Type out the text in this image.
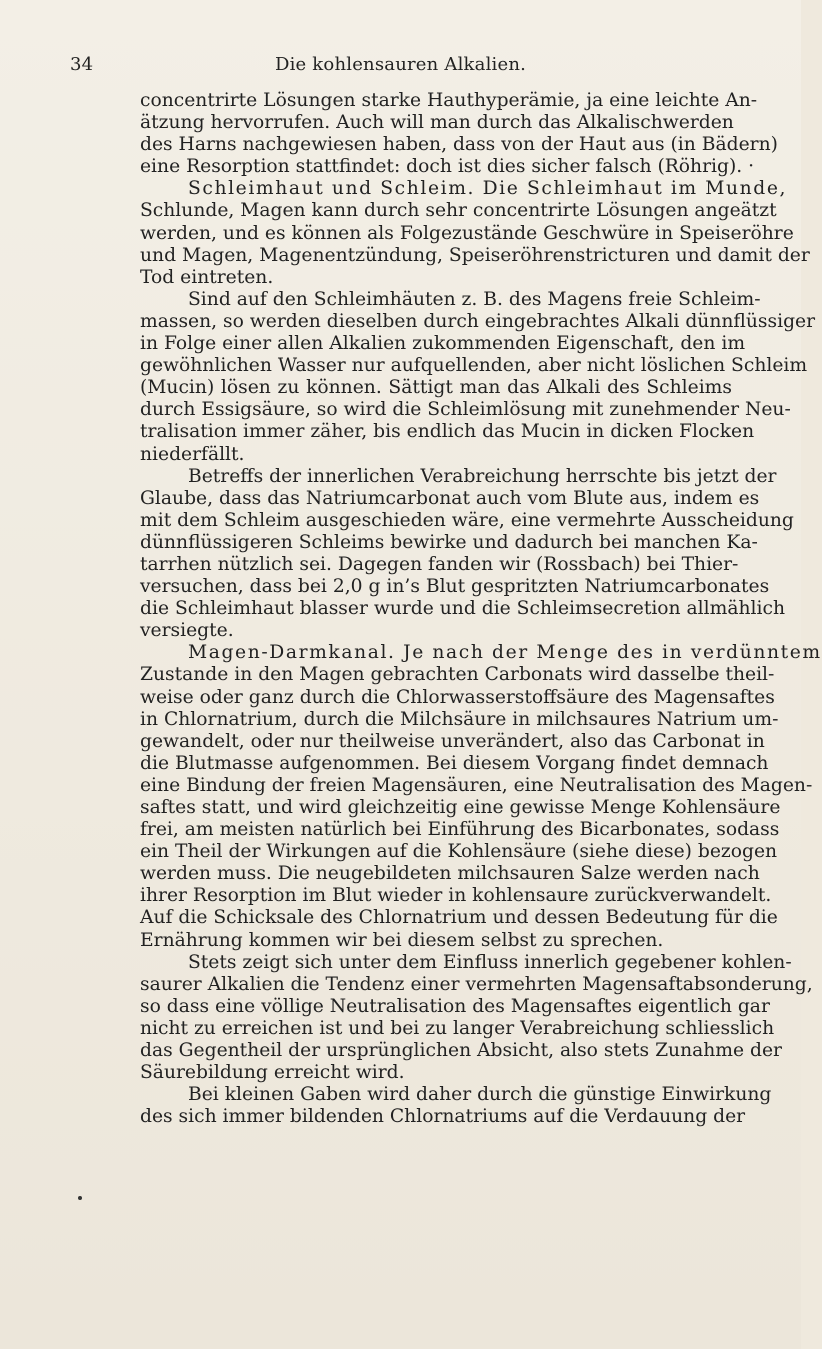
34	Die kohlensauren Alkalien.
concentrirte Lösungen starke Hauthyperämie, ja eine leichte An-
ätzung hervorrufen. Auch will man durch das Alkalischwerden
des Harns nachgewiesen haben, dass von der Haut aus (in Bädern)
eine Resorption stattfindet: doch ist dies sicher falsch (Röhrig). ·
Schleimhaut und Schleim. Die Schleimhaut im Munde,
Schlunde, Magen kann durch sehr concentrirte Lösungen angeätzt
werden, und es können als Folgezustände Geschwüre in Speiseröhre
und Magen, Magenentzündung, Speiseröhrenstricturen und damit der
Tod eintreten.
Sind auf den Schleimhäuten z. B. des Magens freie Schleim-
massen, so werden dieselben durch eingebrachtes Alkali dünnflüssiger
in Folge einer allen Alkalien zukommenden Eigenschaft, den im
gewöhnlichen Wasser nur aufquellenden, aber nicht löslichen Schleim
(Mucin) lösen zu können. Sättigt man das Alkali des Schleims
durch Essigsäure, so wird die Schleimlösung mit zunehmender Neu-
tralisation immer zäher, bis endlich das Mucin in dicken Flocken
niederfällt.
Betreffs der innerlichen Verabreichung herrschte bis jetzt der
Glaube, dass das Natriumcarbonat auch vom Blute aus, indem es
mit dem Schleim ausgeschieden wäre, eine vermehrte Ausscheidung
dünnflüssigeren Schleims bewirke und dadurch bei manchen Ka-
tarrhen nützlich sei. Dagegen fanden wir (Rossbach) bei Thier-
versuchen, dass bei 2,0 g in’s Blut gespritzten Natriumcarbonates
die Schleimhaut blasser wurde und die Schleimsecretion allmählich
versiegte.
Magen-Darmkanal. Je nach der Menge des in verdünntem
Zustande in den Magen gebrachten Carbonats wird dasselbe theil-
weise oder ganz durch die Chlorwasserstoffsäure des Magensaftes
in Chlornatrium, durch die Milchsäure in milchsaures Natrium um-
gewandelt, oder nur theilweise unverändert, also das Carbonat in
die Blutmasse aufgenommen. Bei diesem Vorgang findet demnach
eine Bindung der freien Magensäuren, eine Neutralisation des Magen-
saftes statt, und wird gleichzeitig eine gewisse Menge Kohlensäure
frei, am meisten natürlich bei Einführung des Bicarbonates, sodass
ein Theil der Wirkungen auf die Kohlensäure (siehe diese) bezogen
werden muss. Die neugebildeten milchsauren Salze werden nach
ihrer Resorption im Blut wieder in kohlensaure zurückverwandelt.
Auf die Schicksale des Chlornatrium und dessen Bedeutung für die
Ernährung kommen wir bei diesem selbst zu sprechen.
Stets zeigt sich unter dem Einfluss innerlich gegebener kohlen-
saurer Alkalien die Tendenz einer vermehrten Magensaftabsonderung,
so dass eine völlige Neutralisation des Magensaftes eigentlich gar
nicht zu erreichen ist und bei zu langer Verabreichung schliesslich
das Gegentheil der ursprünglichen Absicht, also stets Zunahme der
Säurebildung erreicht wird.
Bei kleinen Gaben wird daher durch die günstige Einwirkung
des sich immer bildenden Chlornatriums auf die Verdauung der
